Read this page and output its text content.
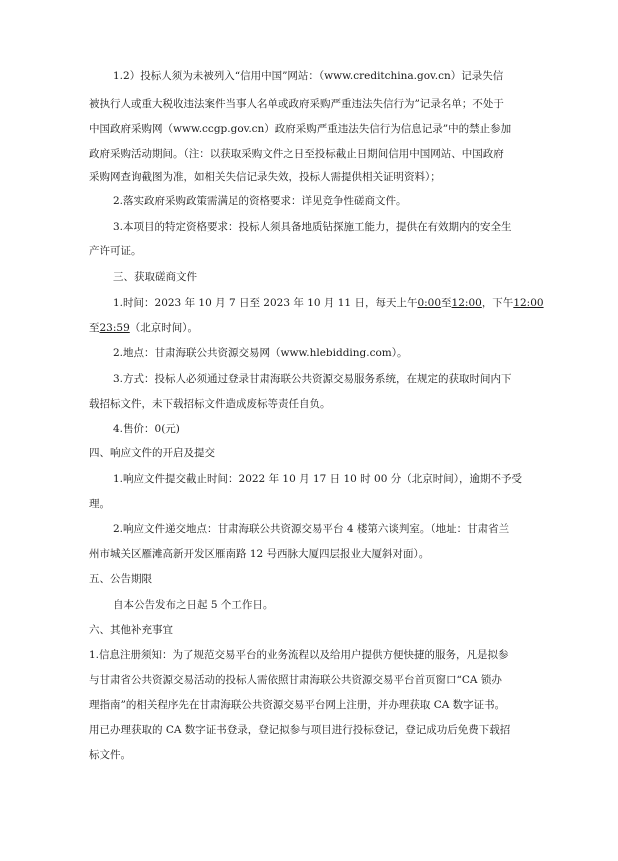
1.2）投标人须为未被列入“信用中国”网站：（www.creditchina.gov.cn）记录失信
被执行人或重大税收违法案件当事人名单或政府采购严重违法失信行为”记录名单；不处于
中国政府采购网（www.ccgp.gov.cn）政府采购严重违法失信行为信息记录”中的禁止参加
政府采购活动期间。（注：以获取采购文件之日至投标截止日期间信用中国网站、中国政府
采购网查询截图为准，如相关失信记录失效，投标人需提供相关证明资料）；
2.落实政府采购政策需满足的资格要求：详见竞争性磋商文件。
3.本项目的特定资格要求：投标人须具备地质钻探施工能力，提供在有效期内的安全生
产许可证。
三、获取磋商文件
1.时间：2023 年 10 月 7 日至 2023 年 10 月 11 日，每天上午0:00至12:00，下午12:00
至23:59（北京时间）。
2.地点：甘肃海联公共资源交易网（www.hlebidding.com）。
3.方式：投标人必须通过登录甘肃海联公共资源交易服务系统，在规定的获取时间内下
载招标文件，未下载招标文件造成废标等责任自负。
4.售价：0(元)
四、响应文件的开启及提交
1.响应文件提交截止时间：2022 年 10 月 17 日 10 时 00 分（北京时间），逾期不予受
理。
2.响应文件递交地点：甘肃海联公共资源交易平台 4 楼第六谈判室。（地址：甘肃省兰
州市城关区雁滩高新开发区雁南路 12 号西脉大厦四层报业大厦斜对面）。
五、公告期限
自本公告发布之日起 5 个工作日。
六、其他补充事宜
1.信息注册须知：为了规范交易平台的业务流程以及给用户提供方便快捷的服务，凡是拟参
与甘肃省公共资源交易活动的投标人需依照甘肃海联公共资源交易平台首页窗口“CA 锁办
理指南”的相关程序先在甘肃海联公共资源交易平台网上注册，并办理获取 CA 数字证书。
用已办理获取的 CA 数字证书登录，登记拟参与项目进行投标登记，登记成功后免费下载招
标文件。
